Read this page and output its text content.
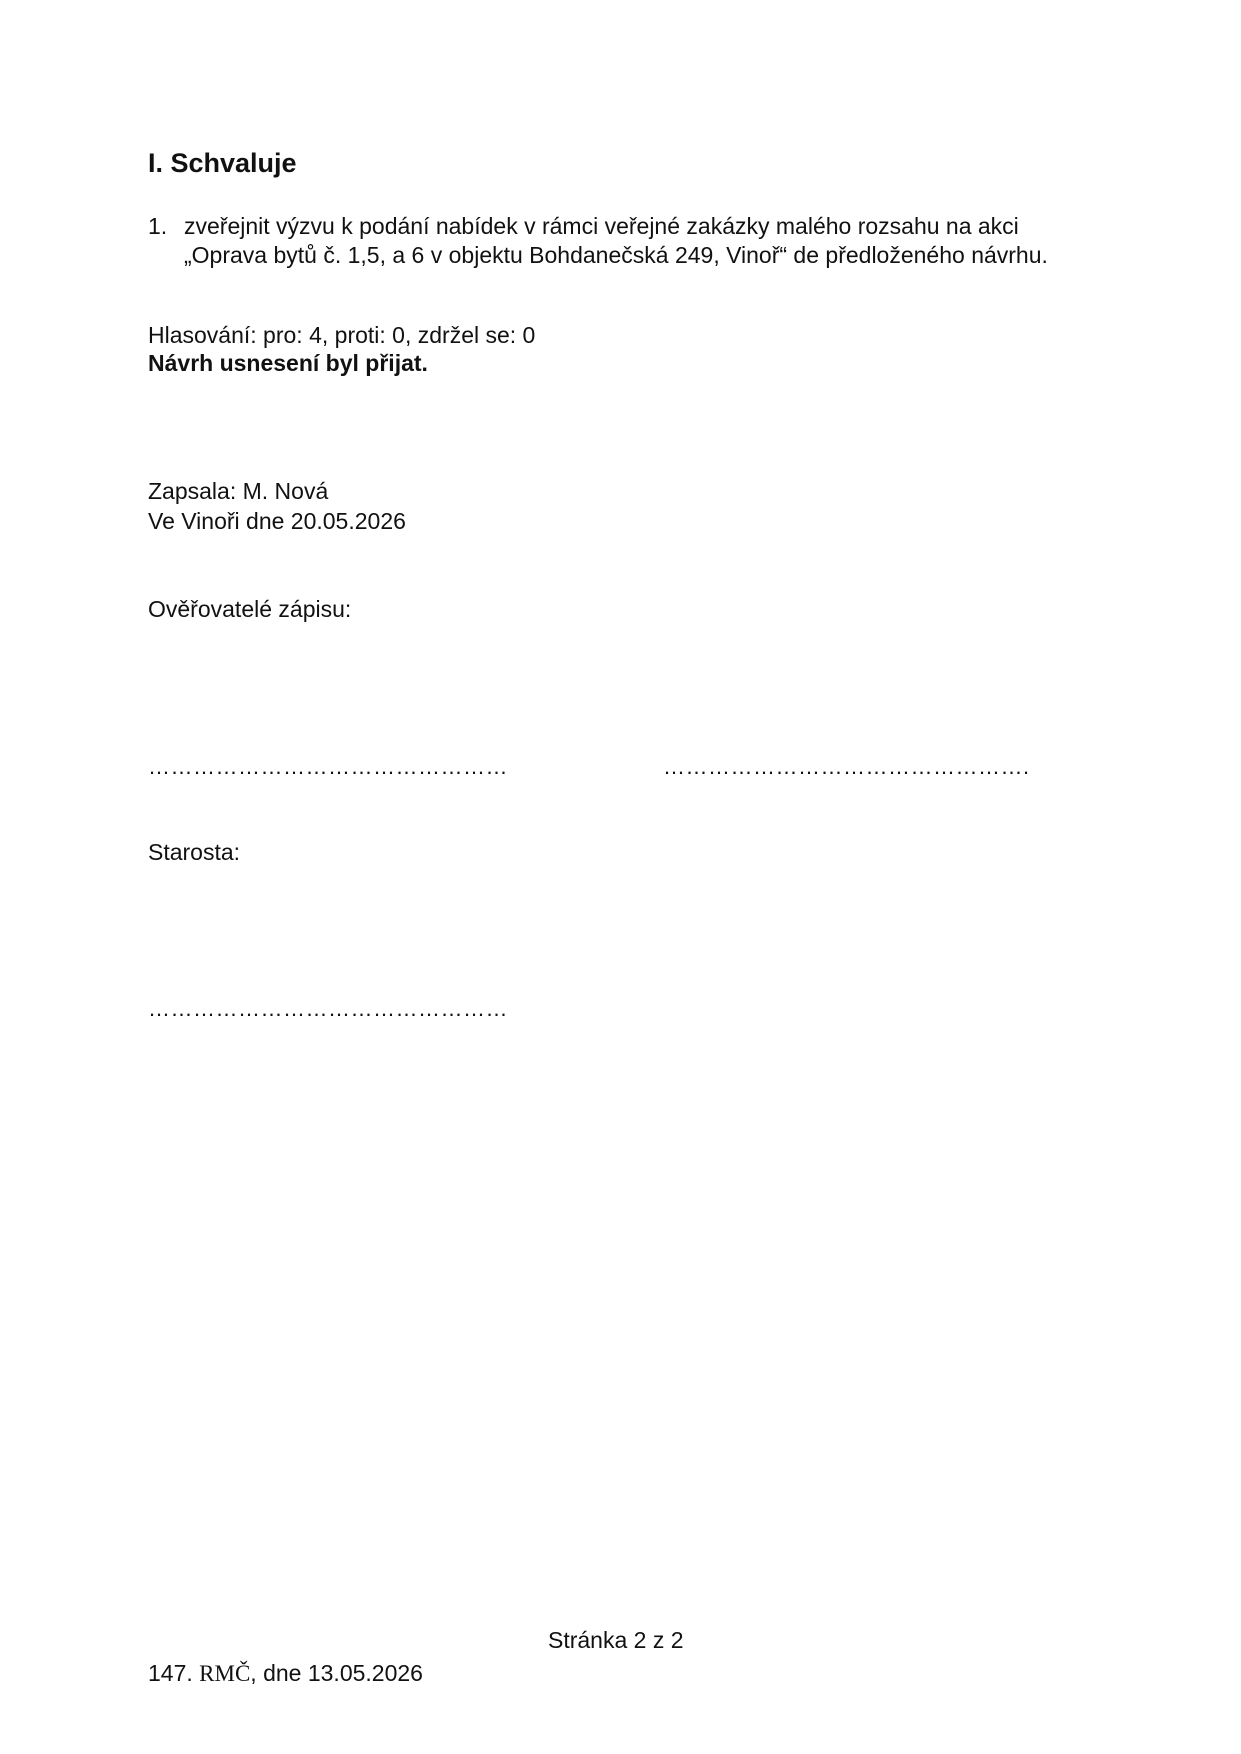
I. Schvaluje
1. zveřejnit výzvu k podání nabídek v rámci veřejné zakázky malého rozsahu na akci „Oprava bytů č. 1,5, a 6 v objektu Bohdanečská 249, Vinoř“ de předloženého návrhu.

Hlasování: pro: 4, proti: 0, zdržel se: 0

Návrh usnesení byl přijat.

Zapsala: M. Nová

Ve Vinoři dne 20.05.2026

Ověřovatelé zápisu:

…………………………………………	………………………………………….

Starosta:

…………………………………………

Stránka 2 z 2

147. RMČ, dne 13.05.2026
